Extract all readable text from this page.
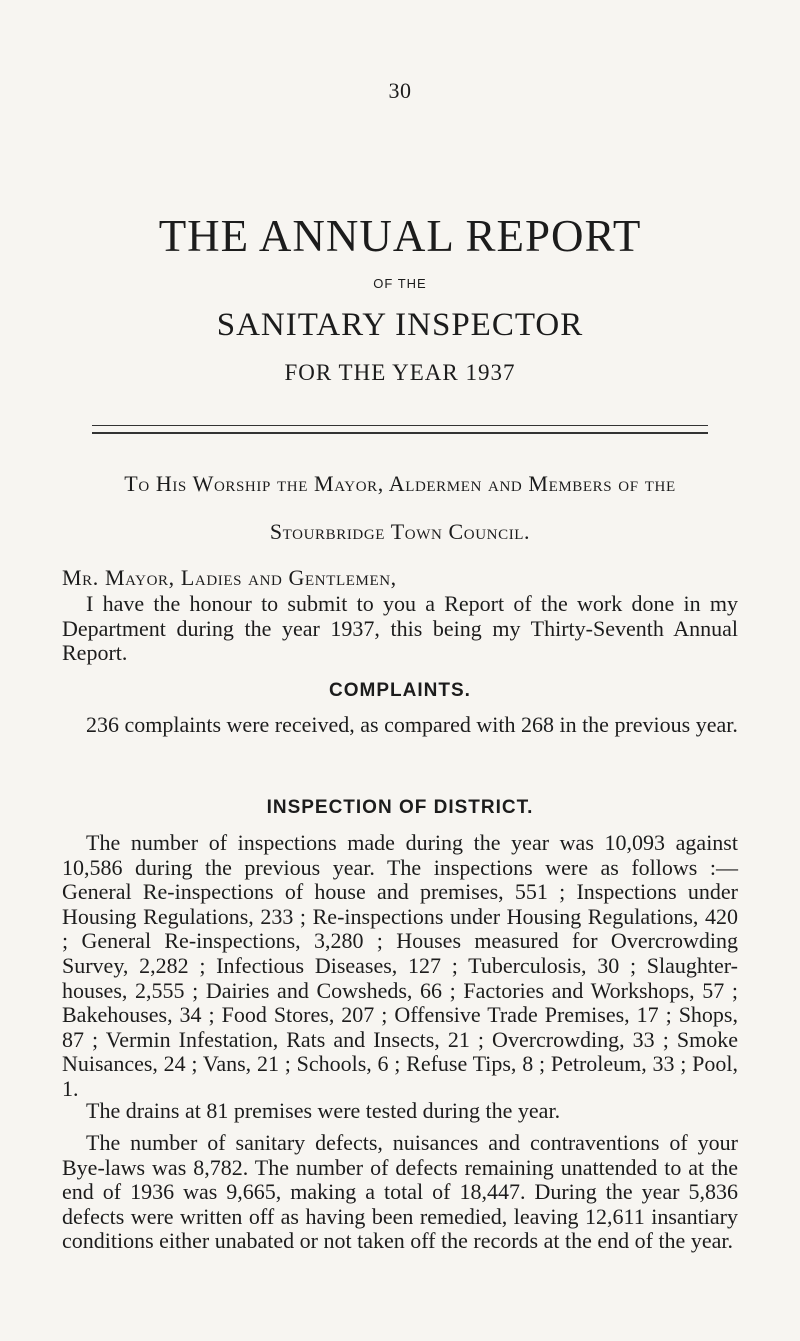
30
THE ANNUAL REPORT
OF THE
SANITARY INSPECTOR
FOR THE YEAR 1937
To His Worship the Mayor, Aldermen and Members of the
Stourbridge Town Council.
Mr. Mayor, Ladies and Gentlemen,

I have the honour to submit to you a Report of the work done in my Department during the year 1937, this being my Thirty-Seventh Annual Report.

COMPLAINTS.

236 complaints were received, as compared with 268 in the previous year.

INSPECTION OF DISTRICT.

The number of inspections made during the year was 10,093 against 10,586 during the previous year. The inspections were as follows :— General Re-inspections of house and premises, 551 ; Inspections under Housing Regulations, 233 ; Re-inspections under Housing Regulations, 420 ; General Re-inspections, 3,280 ; Houses measured for Overcrowding Survey, 2,282 ; Infectious Diseases, 127 ; Tuberculosis, 30 ; Slaughter-houses, 2,555 ; Dairies and Cowsheds, 66 ; Factories and Workshops, 57 ; Bakehouses, 34 ; Food Stores, 207 ; Offensive Trade Premises, 17 ; Shops, 87 ; Vermin Infestation, Rats and Insects, 21 ; Overcrowding, 33 ; Smoke Nuisances, 24 ; Vans, 21 ; Schools, 6 ; Refuse Tips, 8 ; Petroleum, 33 ; Pool, 1.

The drains at 81 premises were tested during the year.

The number of sanitary defects, nuisances and contraventions of your Bye-laws was 8,782. The number of defects remaining unattended to at the end of 1936 was 9,665, making a total of 18,447. During the year 5,836 defects were written off as having been remedied, leaving 12,611 insantiary conditions either unabated or not taken off the records at the end of the year.
